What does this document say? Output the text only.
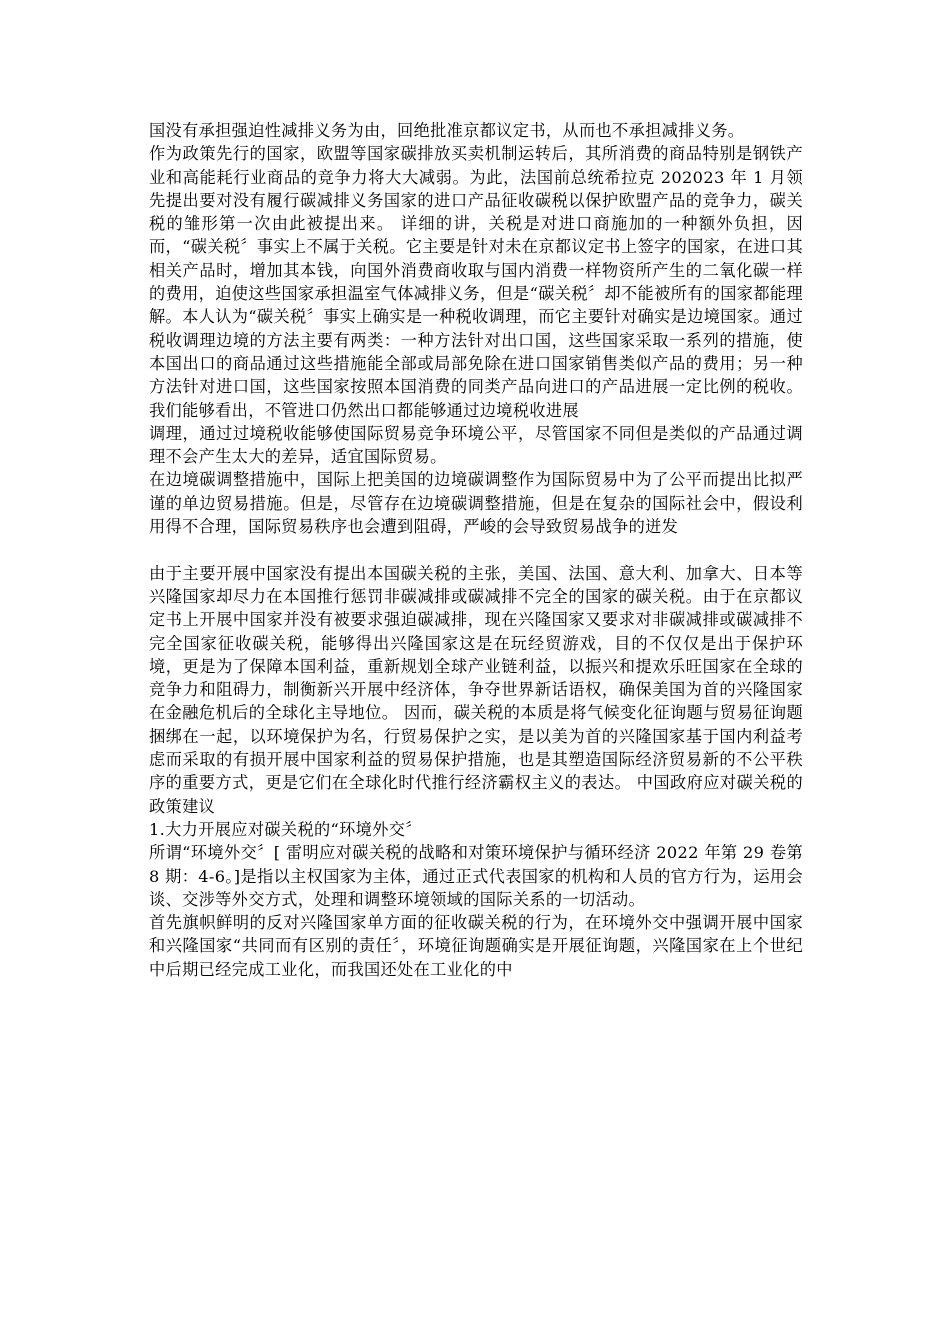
国没有承担强迫性减排义务为由，回绝批准京都议定书，从而也不承担减排义务。

作为政策先行的国家，欧盟等国家碳排放买卖机制运转后，其所消费的商品特别是钢铁产业和高能耗行业商品的竞争力将大大减弱。为此，法国前总统希拉克 202023 年 1 月领先提出要对没有履行碳减排义务国家的进口产品征收碳税以保护欧盟产品的竞争力，碳关税的雏形第一次由此被提出来。 详细的讲，关税是对进口商施加的一种额外负担，因而，“碳关税〞事实上不属于关税。它主要是针对未在京都议定书上签字的国家，在进口其相关产品时，增加其本钱，向国外消费商收取与国内消费一样物资所产生的二氧化碳一样的费用，迫使这些国家承担温室气体减排义务，但是“碳关税〞却不能被所有的国家都能理解。本人认为“碳关税〞事实上确实是一种税收调理，而它主要针对确实是边境国家。通过税收调理边境的方法主要有两类：一种方法针对出口国，这些国家采取一系列的措施，使本国出口的商品通过这些措施能全部或局部免除在进口国家销售类似产品的费用；另一种方法针对进口国，这些国家按照本国消费的同类产品向进口的产品进展一定比例的税收。我们能够看出，不管进口仍然出口都能够通过边境税收进展

调理，通过过境税收能够使国际贸易竞争环境公平，尽管国家不同但是类似的产品通过调理不会产生太大的差异，适宜国际贸易。

在边境碳调整措施中，国际上把美国的边境碳调整作为国际贸易中为了公平而提出比拟严谨的单边贸易措施。但是，尽管存在边境碳调整措施，但是在复杂的国际社会中，假设利用得不合理，国际贸易秩序也会遭到阻碍，严峻的会导致贸易战争的迸发

由于主要开展中国家没有提出本国碳关税的主张，美国、法国、意大利、加拿大、日本等兴隆国家却尽力在本国推行惩罚非碳减排或碳减排不完全的国家的碳关税。由于在京都议定书上开展中国家并没有被要求强迫碳减排，现在兴隆国家又要求对非碳减排或碳减排不完全国家征收碳关税，能够得出兴隆国家这是在玩经贸游戏，目的不仅仅是出于保护环境，更是为了保障本国利益，重新规划全球产业链利益，以振兴和提欢乐旺国家在全球的竞争力和阻碍力，制衡新兴开展中经济体，争夺世界新话语权，确保美国为首的兴隆国家在金融危机后的全球化主导地位。 因而，碳关税的本质是将气候变化征询题与贸易征询题捆绑在一起，以环境保护为名，行贸易保护之实，是以美为首的兴隆国家基于国内利益考虑而采取的有损开展中国家利益的贸易保护措施，也是其塑造国际经济贸易新的不公平秩序的重要方式，更是它们在全球化时代推行经济霸权主义的表达。 中国政府应对碳关税的政策建议

1.大力开展应对碳关税的“环境外交〞

所谓“环境外交〞[ 雷明应对碳关税的战略和对策环境保护与循环经济 2022 年第 29 卷第 8 期：4-6。]是指以主权国家为主体，通过正式代表国家的机构和人员的官方行为，运用会谈、交涉等外交方式，处理和调整环境领域的国际关系的一切活动。

首先旗帜鲜明的反对兴隆国家单方面的征收碳关税的行为，在环境外交中强调开展中国家和兴隆国家“共同而有区别的责任〞，环境征询题确实是开展征询题，兴隆国家在上个世纪中后期已经完成工业化，而我国还处在工业化的中
